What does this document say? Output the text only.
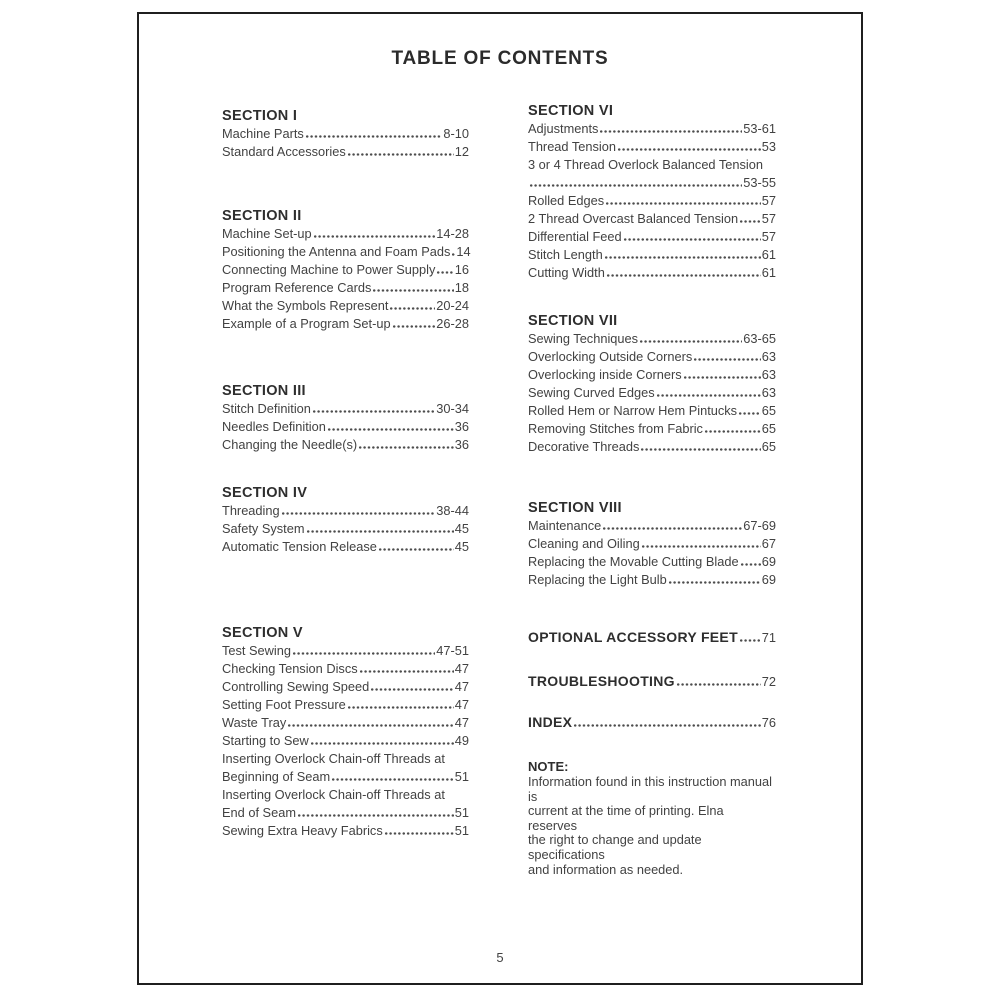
TABLE OF CONTENTS
SECTION I
Machine Parts	8-10
Standard Accessories	12
SECTION II
Machine Set-up	14-28
Positioning the Antenna and Foam Pads 14
Connecting Machine to Power Supply 16
Program Reference Cards	18
What the Symbols Represent	20-24
Example of a Program Set-up	26-28
SECTION III
Stitch Definition	30-34
Needles Definition	36
Changing the Needle(s)	36
SECTION IV
Threading	38-44
Safety System	45
Automatic Tension Release	45
SECTION V
Test Sewing	47-51
Checking Tension Discs	47
Controlling Sewing Speed	47
Setting Foot Pressure	47
Waste Tray	47
Starting to Sew	49
Inserting Overlock Chain-off Threads at
Beginning of Seam	51
Inserting Overlock Chain-off Threads at
End of Seam	51
Sewing Extra Heavy Fabrics	51
SECTION VI
Adjustments	53-61
Thread Tension	53
3 or 4 Thread Overlock Balanced Tension
53-55
Rolled Edges	57
2 Thread Overcast Balanced Tension 57
Differential Feed	57
Stitch Length	61
Cutting Width	61
SECTION VII
Sewing Techniques	63-65
Overlocking Outside Corners	63
Overlocking inside Corners	63
Sewing Curved Edges	63
Rolled Hem or Narrow Hem Pintucks 65
Removing Stitches from Fabric	65
Decorative Threads	65
SECTION VIII
Maintenance	67-69
Cleaning and Oiling	67
Replacing the Movable Cutting Blade 69
Replacing the Light Bulb	69
OPTIONAL ACCESSORY FEET 71
TROUBLESHOOTING	72
INDEX	76
NOTE:
Information found in this instruction manual is
current at the time of printing. Elna reserves
the right to change and update specifications
and information as needed.
5
